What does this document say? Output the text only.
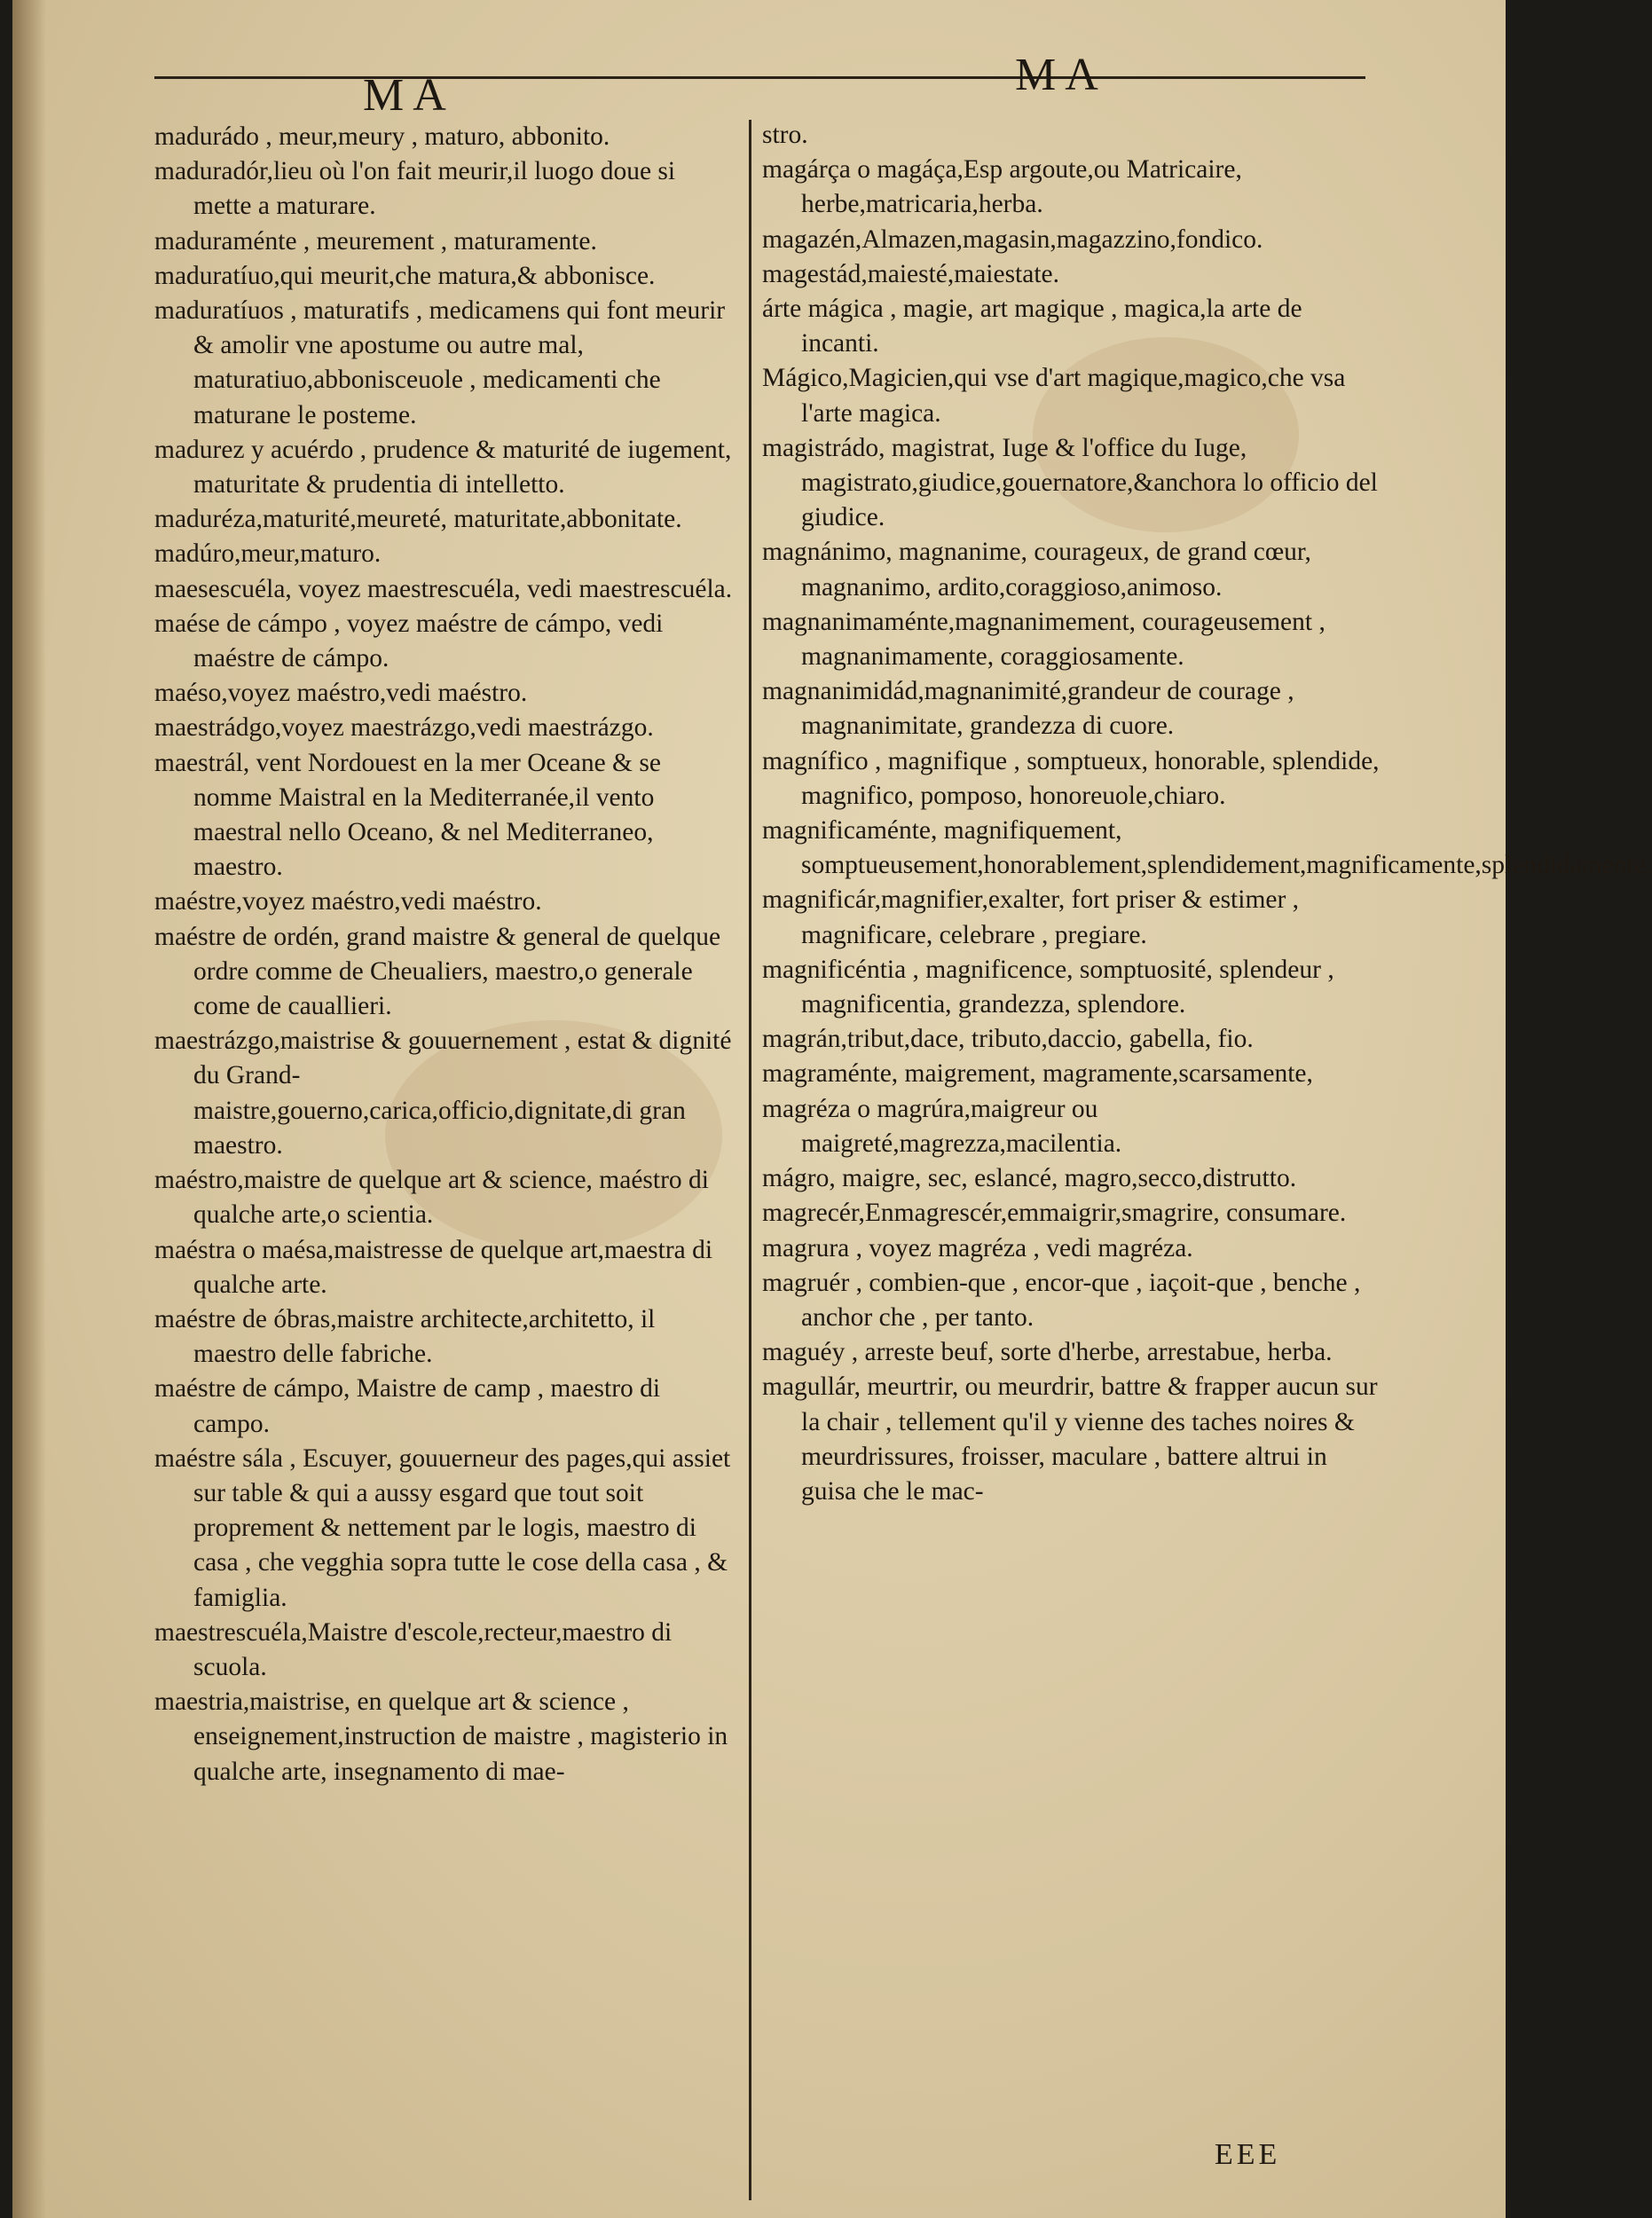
MA	MA

madurádo , meur,meury , maturo, abbonito.

maduradór,lieu où l'on fait meurir,il luogo doue si mette a maturare.

maduraménte , meurement , maturamente.

maduratíuo,qui meurit,che matura,& abbonisce.

maduratíuos , maturatifs , medicamens qui font meurir & amolir vne apostume ou autre mal, maturatiuo,abbonisceuole , medicamenti che maturane le posteme.

madurez y acuérdo , prudence & maturité de iugement, maturitate & prudentia di intelletto.

maduréza,maturité,meureté, maturitate,abbonitate.

madúro,meur,maturo.

maesescuéla, voyez maestrescuéla, vedi maestrescuéla.

maése de cámpo , voyez maéstre de cámpo, vedi maéstre de cámpo.

maéso,voyez maéstro,vedi maéstro.

maestrádgo,voyez maestrázgo,vedi maestrázgo.

maestrál, vent Nordouest en la mer Oceane & se nomme Maistral en la Mediterranée,il vento maestral nello Oceano, & nel Mediterraneo, maestro.

maéstre,voyez maéstro,vedi maéstro.

maéstre de ordén, grand maistre & general de quelque ordre comme de Cheualiers, maestro,o generale come de cauallieri.

maestrázgo,maistrise & gouuernement , estat & dignité du Grand-maistre,gouerno,carica,officio,dignitate,di gran maestro.

maéstro,maistre de quelque art & science, maéstro di qualche arte,o scientia.

maéstra o maésa,maistresse de quelque art,maestra di qualche arte.

maéstre de óbras,maistre architecte,architetto, il maestro delle fabriche.

maéstre de cámpo, Maistre de camp , maestro di campo.

maéstre sála , Escuyer, gouuerneur des pages,qui assiet sur table & qui a aussy esgard que tout soit proprement & nettement par le logis, maestro di casa , che vegghia sopra tutte le cose della casa , & famiglia.

maestrescuéla,Maistre d'escole,recteur,maestro di scuola.

maestria,maistrise, en quelque art & science , enseignement,instruction de maistre , magisterio in qualche arte, insegnamento di mae-

stro.

magárça o magáça,Esp argoute,ou Matricaire, herbe,matricaria,herba.

magazén,Almazen,magasin,magazzino,fondico.

magestád,maiesté,maiestate.

árte mágica , magie, art magique , magica,la arte de incanti.

Mágico,Magicien,qui vse d'art magique,magico,che vsa l'arte magica.

magistrádo, magistrat, Iuge & l'office du Iuge, magistrato,giudice,gouernatore,&anchora lo officio del giudice.

magnánimo, magnanime, courageux, de grand cœur, magnanimo, ardito,coraggioso,animoso.

magnanimaménte,magnanimement, courageusement , magnanimamente, coraggiosamente.

magnanimidád,magnanimité,grandeur de courage , magnanimitate, grandezza di cuore.

magnífico , magnifique , somptueux, honorable, splendide, magnifico, pomposo, honoreuole,chiaro.

magnificaménte, magnifiquement, somptueusement,honorablement,splendidement,magnificamente,splendidamente.

magnificár,magnifier,exalter, fort priser & estimer , magnificare, celebrare , pregiare.

magnificéntia , magnificence, somptuosité, splendeur , magnificentia, grandezza, splendore.

magrán,tribut,dace, tributo,daccio, gabella, fio.

magraménte, maigrement, magramente,scarsamente,

magréza o magrúra,maigreur ou maigreté,magrezza,macilentia.

mágro, maigre, sec, eslancé, magro,secco,distrutto.

magrecér,Enmagrescér,emmaigrir,smagrire, consumare.

magrura , voyez magréza , vedi magréza.

magruér , combien-que , encor-que , iaçoit-que , benche , anchor che , per tanto.

maguéy , arreste beuf, sorte d'herbe, arrestabue, herba.

magullár, meurtrir, ou meurdrir, battre & frapper aucun sur la chair , tellement qu'il y vienne des taches noires & meurdrissures, froisser, maculare , battere altrui in guisa che le mac-

EEE
